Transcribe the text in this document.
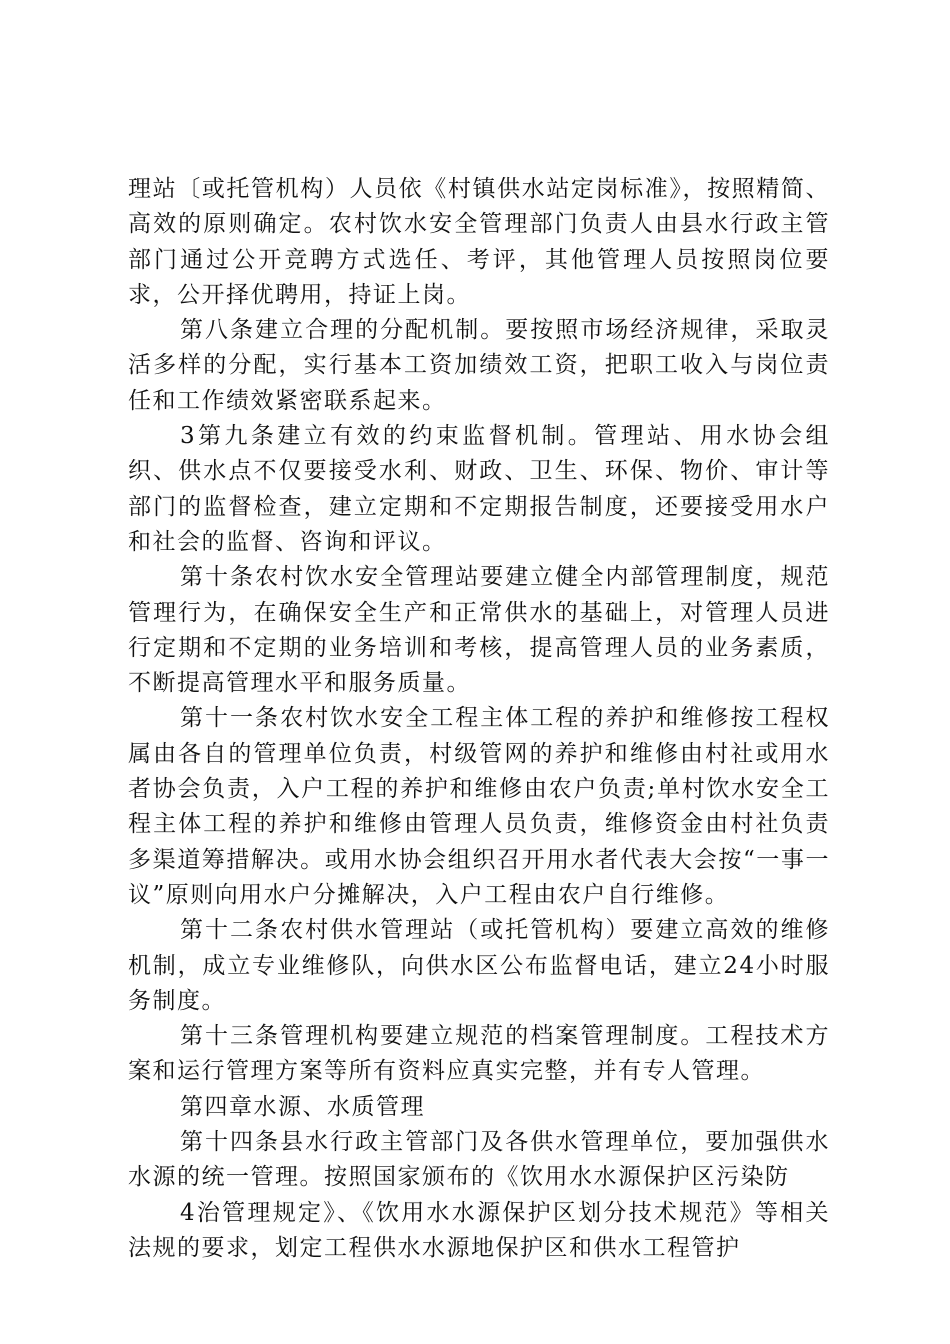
理站〔或托管机构）人员依《村镇供水站定岗标准》，按照精简、高效的原则确定。农村饮水安全管理部门负责人由县水行政主管部门通过公开竞聘方式选任、考评，其他管理人员按照岗位要求，公开择优聘用，持证上岗。

第八条建立合理的分配机制。要按照市场经济规律，采取灵活多样的分配，实行基本工资加绩效工资，把职工收入与岗位责任和工作绩效紧密联系起来。

3第九条建立有效的约束监督机制。管理站、用水协会组织、供水点不仅要接受水利、财政、卫生、环保、物价、审计等部门的监督检查，建立定期和不定期报告制度，还要接受用水户和社会的监督、咨询和评议。

第十条农村饮水安全管理站要建立健全内部管理制度，规范管理行为，在确保安全生产和正常供水的基础上，对管理人员进行定期和不定期的业务培训和考核，提高管理人员的业务素质，不断提高管理水平和服务质量。

第十一条农村饮水安全工程主体工程的养护和维修按工程权属由各自的管理单位负责，村级管网的养护和维修由村社或用水者协会负责，入户工程的养护和维修由农户负责;单村饮水安全工程主体工程的养护和维修由管理人员负责，维修资金由村社负责多渠道筹措解决。或用水协会组织召开用水者代表大会按“一事一议”原则向用水户分摊解决，入户工程由农户自行维修。

第十二条农村供水管理站（或托管机构）要建立高效的维修机制，成立专业维修队，向供水区公布监督电话，建立24小时服务制度。

第十三条管理机构要建立规范的档案管理制度。工程技术方案和运行管理方案等所有资料应真实完整，并有专人管理。

第四章水源、水质管理

第十四条县水行政主管部门及各供水管理单位，要加强供水水源的统一管理。按照国家颁布的《饮用水水源保护区污染防

4治管理规定》、《饮用水水源保护区划分技术规范》等相关法规的要求，划定工程供水水源地保护区和供水工程管护
